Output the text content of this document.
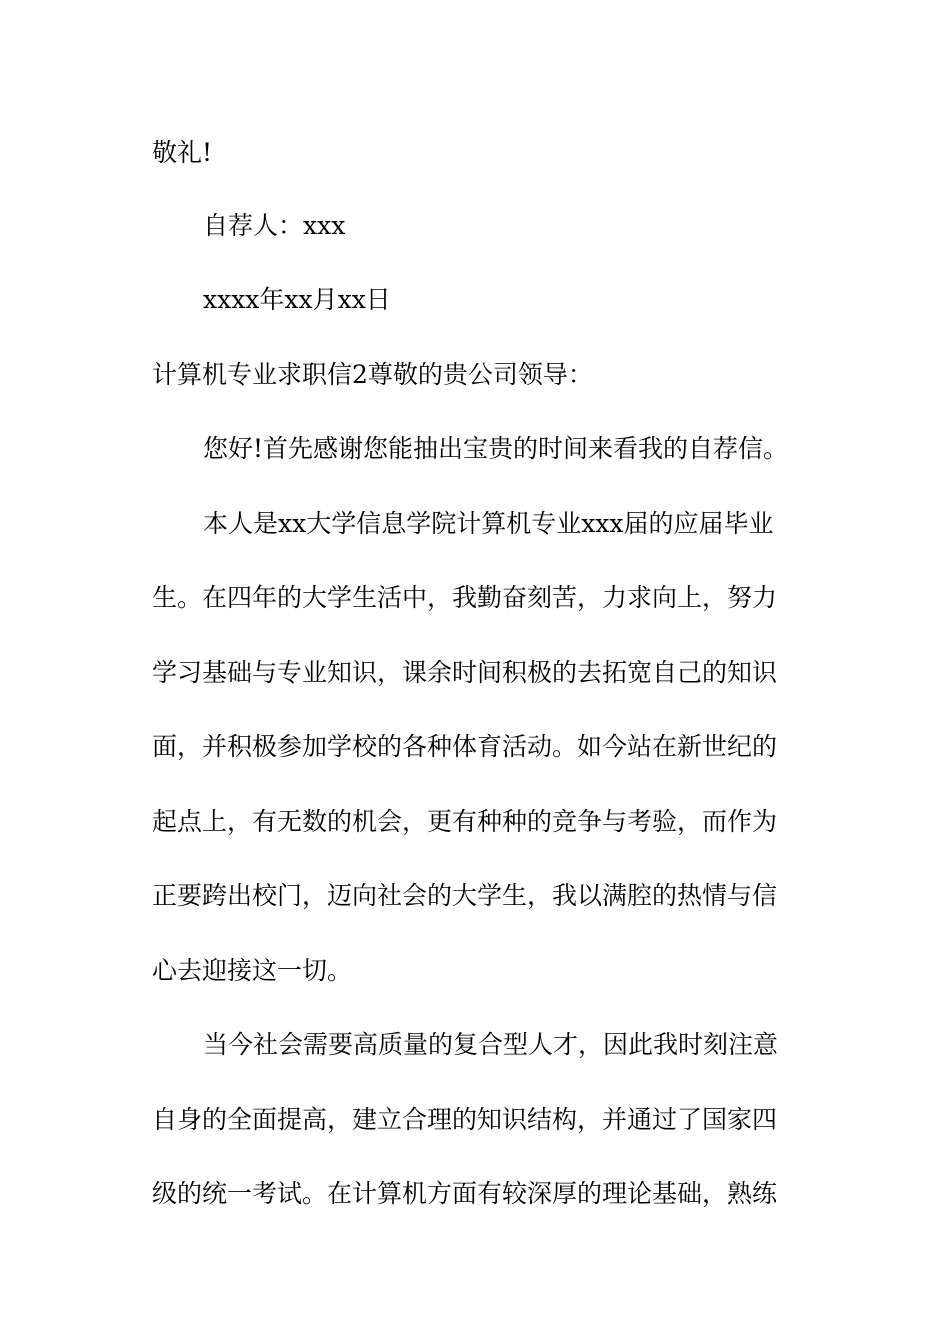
敬礼!
自荐人：xxx
xxxx年xx月xx日
计算机专业求职信2尊敬的贵公司领导：
您好!首先感谢您能抽出宝贵的时间来看我的自荐信。
本人是xx大学信息学院计算机专业xxx届的应届毕业
生。在四年的大学生活中，我勤奋刻苦，力求向上，努力
学习基础与专业知识，课余时间积极的去拓宽自己的知识
面，并积极参加学校的各种体育活动。如今站在新世纪的
起点上，有无数的机会，更有种种的竞争与考验，而作为
正要跨出校门，迈向社会的大学生，我以满腔的热情与信
心去迎接这一切。
当今社会需要高质量的复合型人才，因此我时刻注意
自身的全面提高，建立合理的知识结构，并通过了国家四
级的统一考试。在计算机方面有较深厚的理论基础，熟练
